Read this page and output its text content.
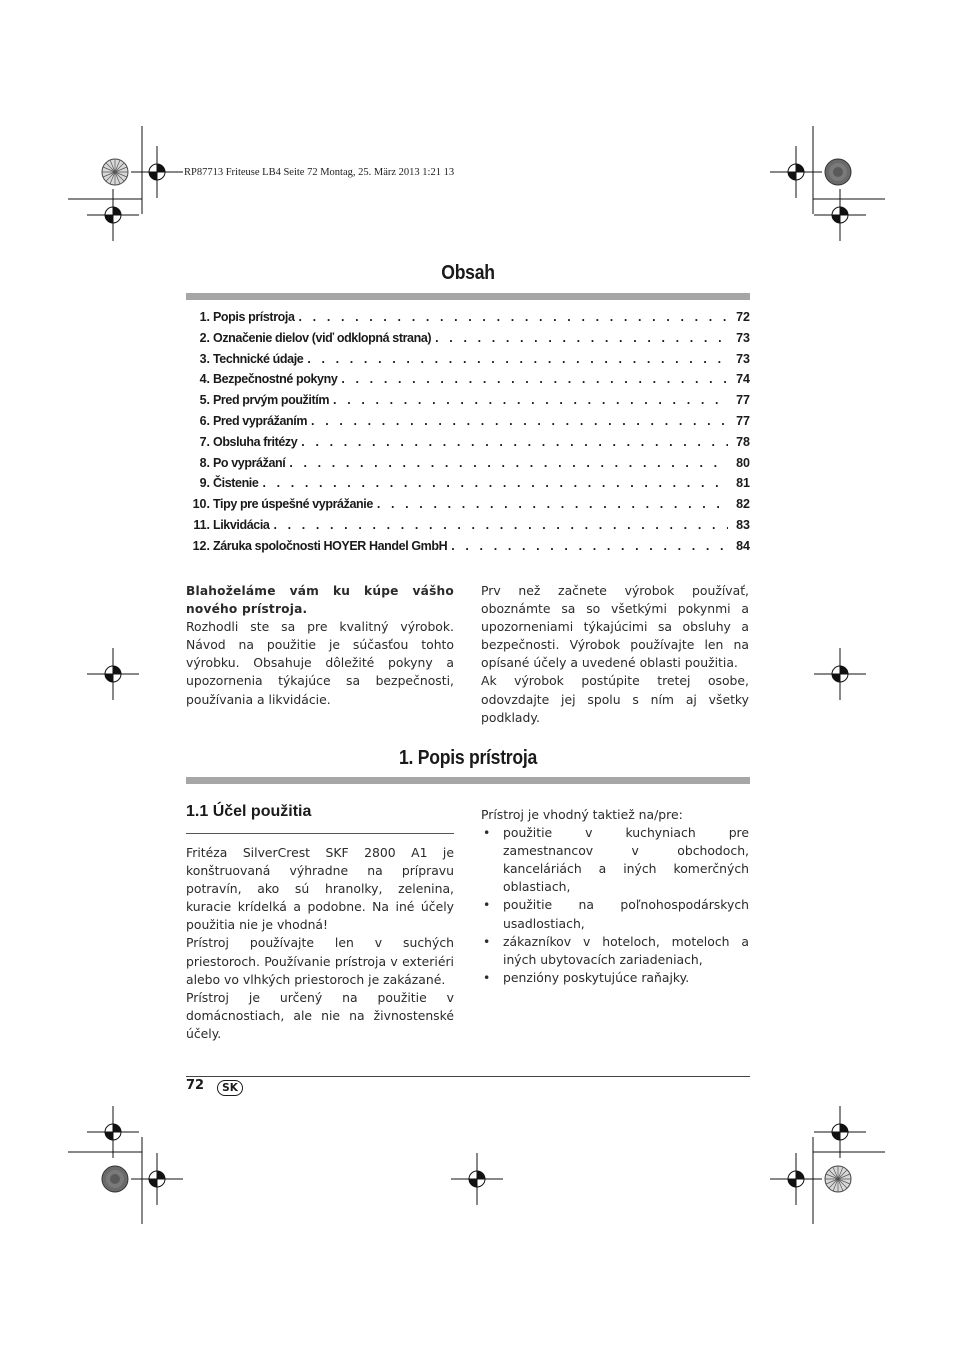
RP87713 Friteuse LB4 Seite 72 Montag, 25. März 2013 1:21 13
Obsah
1. Popis prístroja . . .	72
2. Označenie dielov (viď odklopná strana) . . .	73
3. Technické údaje . . .	73
4. Bezpečnostné pokyny . . .	74
5. Pred prvým použitím . . .	77
6. Pred vyprážaním . . .	77
7. Obsluha fritézy . . .	78
8. Po vyprážaní . . .	80
9. Čistenie . . .	81
10. Tipy pre úspešné vyprážanie . . .	82
11. Likvidácia . . .	83
12. Záruka spoločnosti HOYER Handel GmbH . . .	84

Blahoželáme vám ku kúpe vášho nového prístroja.

Rozhodli ste sa pre kvalitný výrobok. Návod na použitie je súčasťou tohto výrobku. Obsahuje dôležité pokyny a upozornenia týkajúce sa bezpečnosti, používania a likvidácie.

Prv než začnete výrobok používať, oboznámte sa so všetkými pokynmi a upozorneniami týkajúcimi sa obsluhy a bezpečnosti. Výrobok používajte len na opísané účely a uvedené oblasti použitia.

Ak výrobok postúpite tretej osobe, odovzdajte jej spolu s ním aj všetky podklady.

1. Popis prístroja
1.1 Účel použitia

Fritéza SilverCrest SKF 2800 A1 je konštruovaná výhradne na prípravu potravín, ako sú hranolky, zelenina, kuracie krídelká a podobne. Na iné účely použitia nie je vhodná!

Prístroj používajte len v suchých priestoroch. Používanie prístroja v exteriéri alebo vo vlhkých priestoroch je zakázané.

Prístroj je určený na použitie v domácnostiach, ale nie na živnostenské účely.

Prístroj je vhodný taktiež na/pre:

• použitie v kuchyniach pre zamestnancov v obchodoch, kanceláriách a iných komerčných oblastiach,
• použitie na poľnohospodárskych usadlostiach,
• zákazníkov v hoteloch, moteloch a iných ubytovacích zariadeniach,
• penzióny poskytujúce raňajky.
72	SK
